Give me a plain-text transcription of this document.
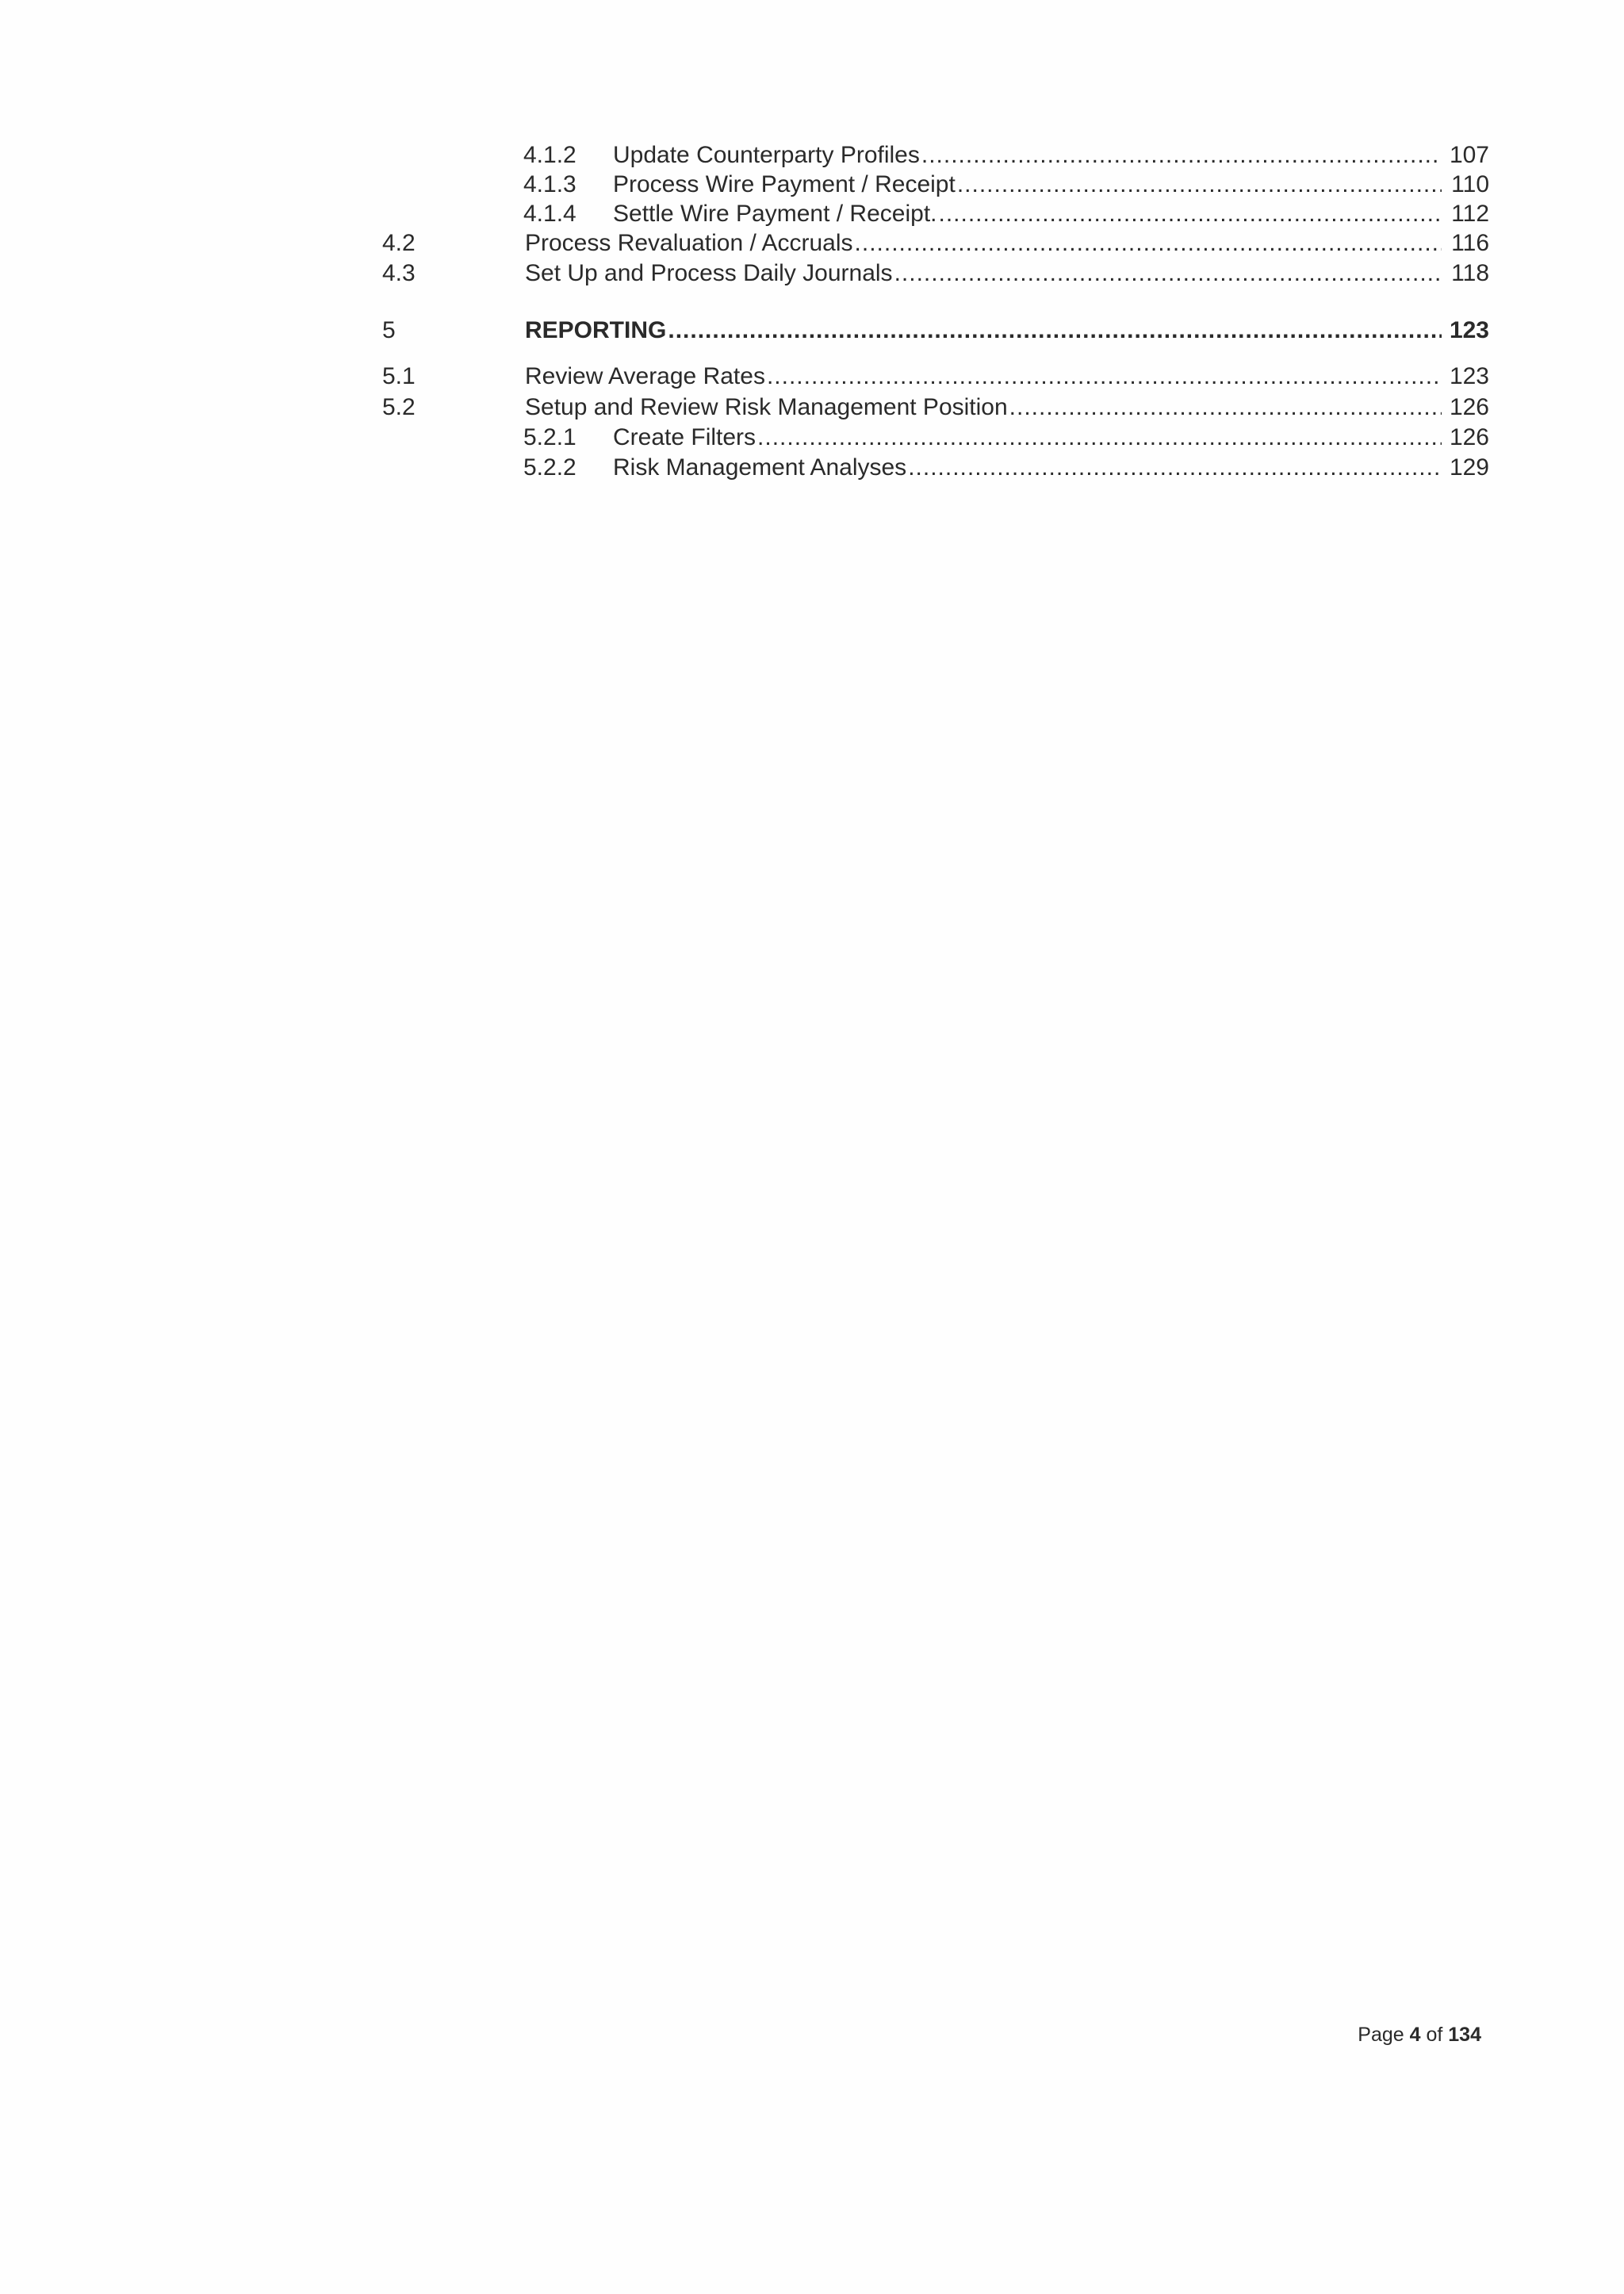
4.1.2 Update Counterparty Profiles .....	107
4.1.3 Process Wire Payment / Receipt .....	110
4.1.4 Settle Wire Payment / Receipt. .....	112
4.2	Process Revaluation / Accruals .....	116
4.3	Set Up and Process Daily Journals .....	118
5	REPORTING .....	123
5.1	Review Average Rates .....	123
5.2	Setup and Review Risk Management Position .....	126
5.2.1 Create Filters .....	126
5.2.2 Risk Management Analyses .....	129
Page 4 of 134
